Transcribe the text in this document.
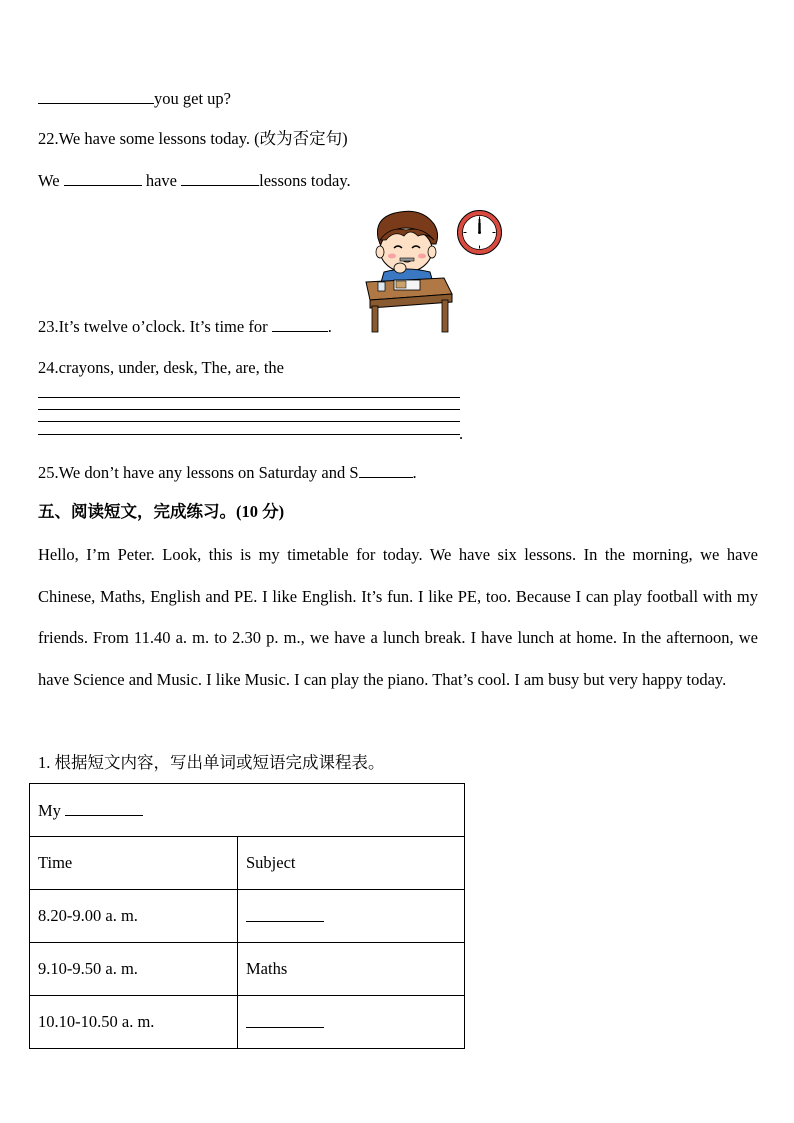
you get up?
22.We have some lessons today. (改为否定句)
We	have	lessons today.
23.It’s twelve o’clock. It’s time for	.
24.crayons, under, desk, The, are, the
.
25.We don’t have any lessons on Saturday and S	.
五、阅读短文，完成练习。(10 分)
Hello, I’m Peter. Look, this is my timetable for today. We have six lessons. In the morning, we have Chinese, Maths, English and PE. I like English. It’s fun. I like PE, too. Because I can play football with my friends. From 11.40 a. m. to 2.30 p. m., we have a lunch break. I have lunch at home. In the afternoon, we have Science and Music. I like Music. I can play the piano. That’s cool. I am busy but very happy today.
1. 根据短文内容，写出单词或短语完成课程表。
My	
Time	Subject
8.20-9.00 a. m.	
9.10-9.50 a. m.	Maths
10.10-10.50 a. m.	
